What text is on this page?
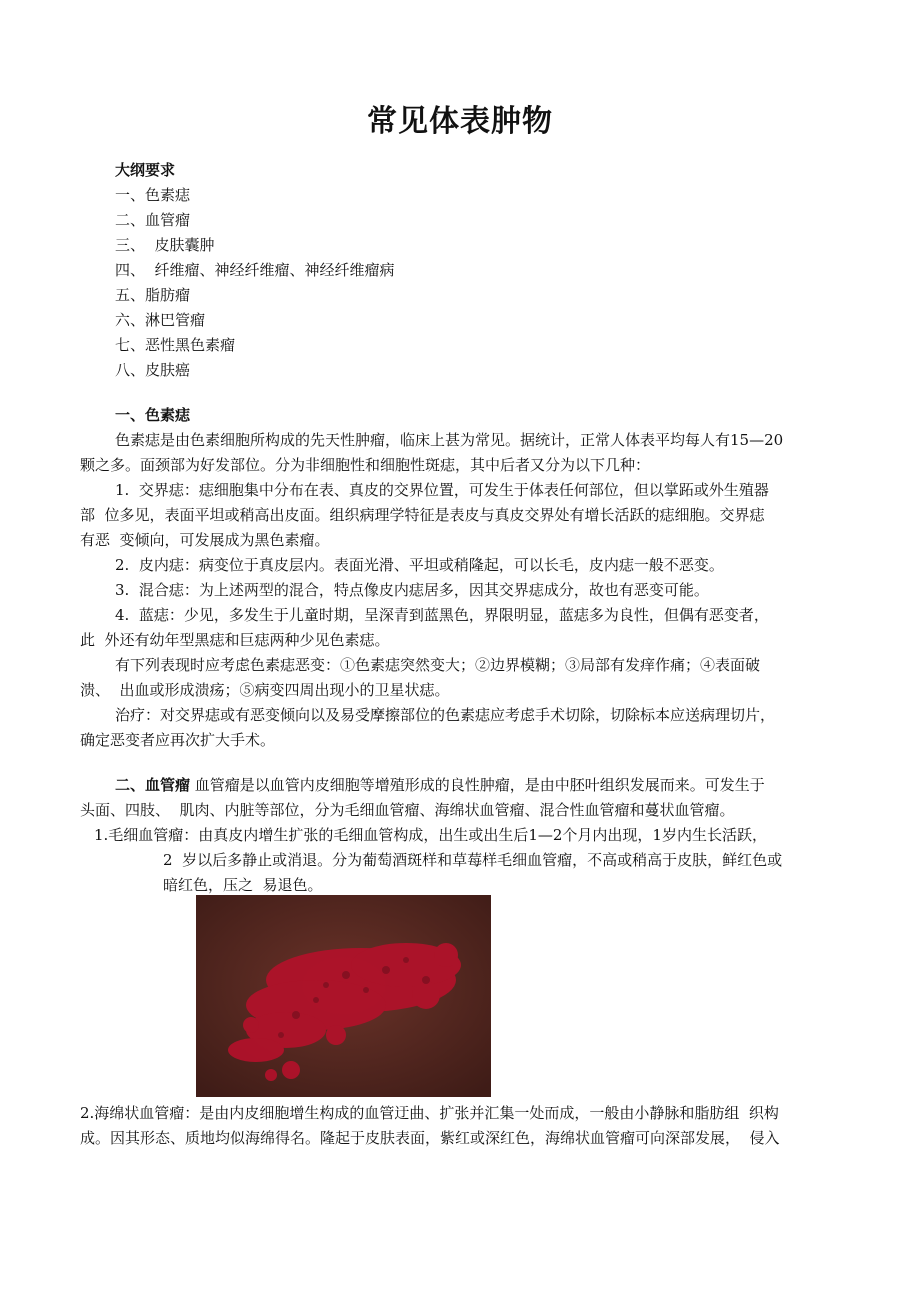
常见体表肿物
大纲要求
一、色素痣
二、血管瘤
三、  皮肤囊肿
四、  纤维瘤、神经纤维瘤、神经纤维瘤病
五、脂肪瘤
六、淋巴管瘤
七、恶性黑色素瘤
八、皮肤癌
一、色素痣
色素痣是由色素细胞所构成的先天性肿瘤，临床上甚为常见。据统计，正常人体表平均每人有15—20
颗之多。面颈部为好发部位。分为非细胞性和细胞性斑痣，其中后者又分为以下几种：
1.  交界痣：痣细胞集中分布在表、真皮的交界位置，可发生于体表任何部位，但以掌跖或外生殖器
部  位多见，表面平坦或稍高出皮面。组织病理学特征是表皮与真皮交界处有增长活跃的痣细胞。交界痣
有恶  变倾向，可发展成为黑色素瘤。
2.  皮内痣：病变位于真皮层内。表面光滑、平坦或稍隆起，可以长毛，皮内痣一般不恶变。
3.  混合痣：为上述两型的混合，特点像皮内痣居多，因其交界痣成分，故也有恶变可能。
4.  蓝痣：少见，多发生于儿童时期，呈深青到蓝黑色，界限明显，蓝痣多为良性，但偶有恶变者，
此  外还有幼年型黑痣和巨痣两种少见色素痣。
有下列表现时应考虑色素痣恶变：①色素痣突然变大；②边界模糊；③局部有发痒作痛；④表面破
溃、  出血或形成溃疡；⑤病变四周出现小的卫星状痣。
治疗：对交界痣或有恶变倾向以及易受摩擦部位的色素痣应考虑手术切除，切除标本应送病理切片，
确定恶变者应再次扩大手术。
二、血管瘤 血管瘤是以血管内皮细胞等增殖形成的良性肿瘤，是由中胚叶组织发展而来。可发生于
头面、四肢、  肌肉、内脏等部位，分为毛细血管瘤、海绵状血管瘤、混合性血管瘤和蔓状血管瘤。
1.毛细血管瘤：由真皮内增生扩张的毛细血管构成，出生或出生后1—2个月内出现，1岁内生长活跃，
2  岁以后多静止或消退。分为葡萄酒斑样和草莓样毛细血管瘤，不高或稍高于皮肤，鲜红色或
暗红色，压之  易退色。
2.海绵状血管瘤：是由内皮细胞增生构成的血管迂曲、扩张并汇集一处而成，一般由小静脉和脂肪组  织构
成。因其形态、质地均似海绵得名。隆起于皮肤表面，紫红或深红色，海绵状血管瘤可向深部发展，  侵入
